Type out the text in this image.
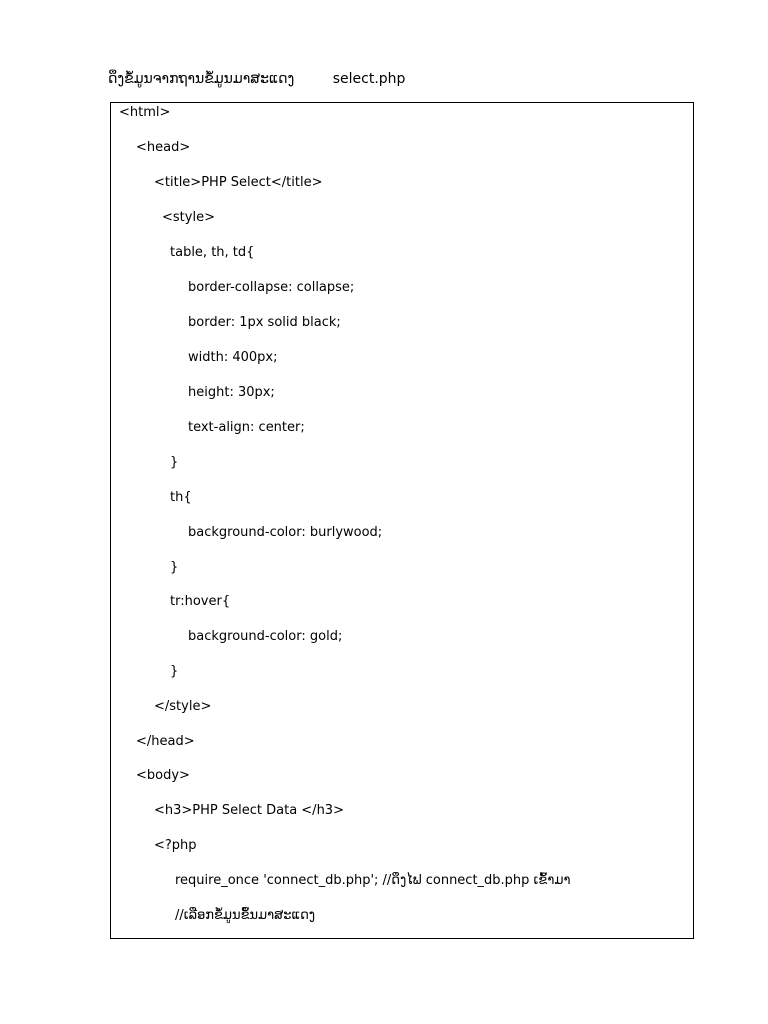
ດຶງຂໍ້ມູນຈາກຖານຂໍ້ມູນມາສະແດງ	select.php
<html>
<head>
<title>PHP Select</title>
<style>
table, th, td{
border-collapse: collapse;
border: 1px solid black;
width: 400px;
height: 30px;
text-align: center;
}
th{
background-color: burlywood;
}
tr:hover{
background-color: gold;
}
</style>
</head>
<body>
<h3>PHP Select Data </h3>
<?php
require_once 'connect_db.php'; //ດຶງໄຟ connect_db.php ເຂົ້າມາ
//ເລືອກຂໍ້ມູນຂຶ້ນມາສະແດງ
